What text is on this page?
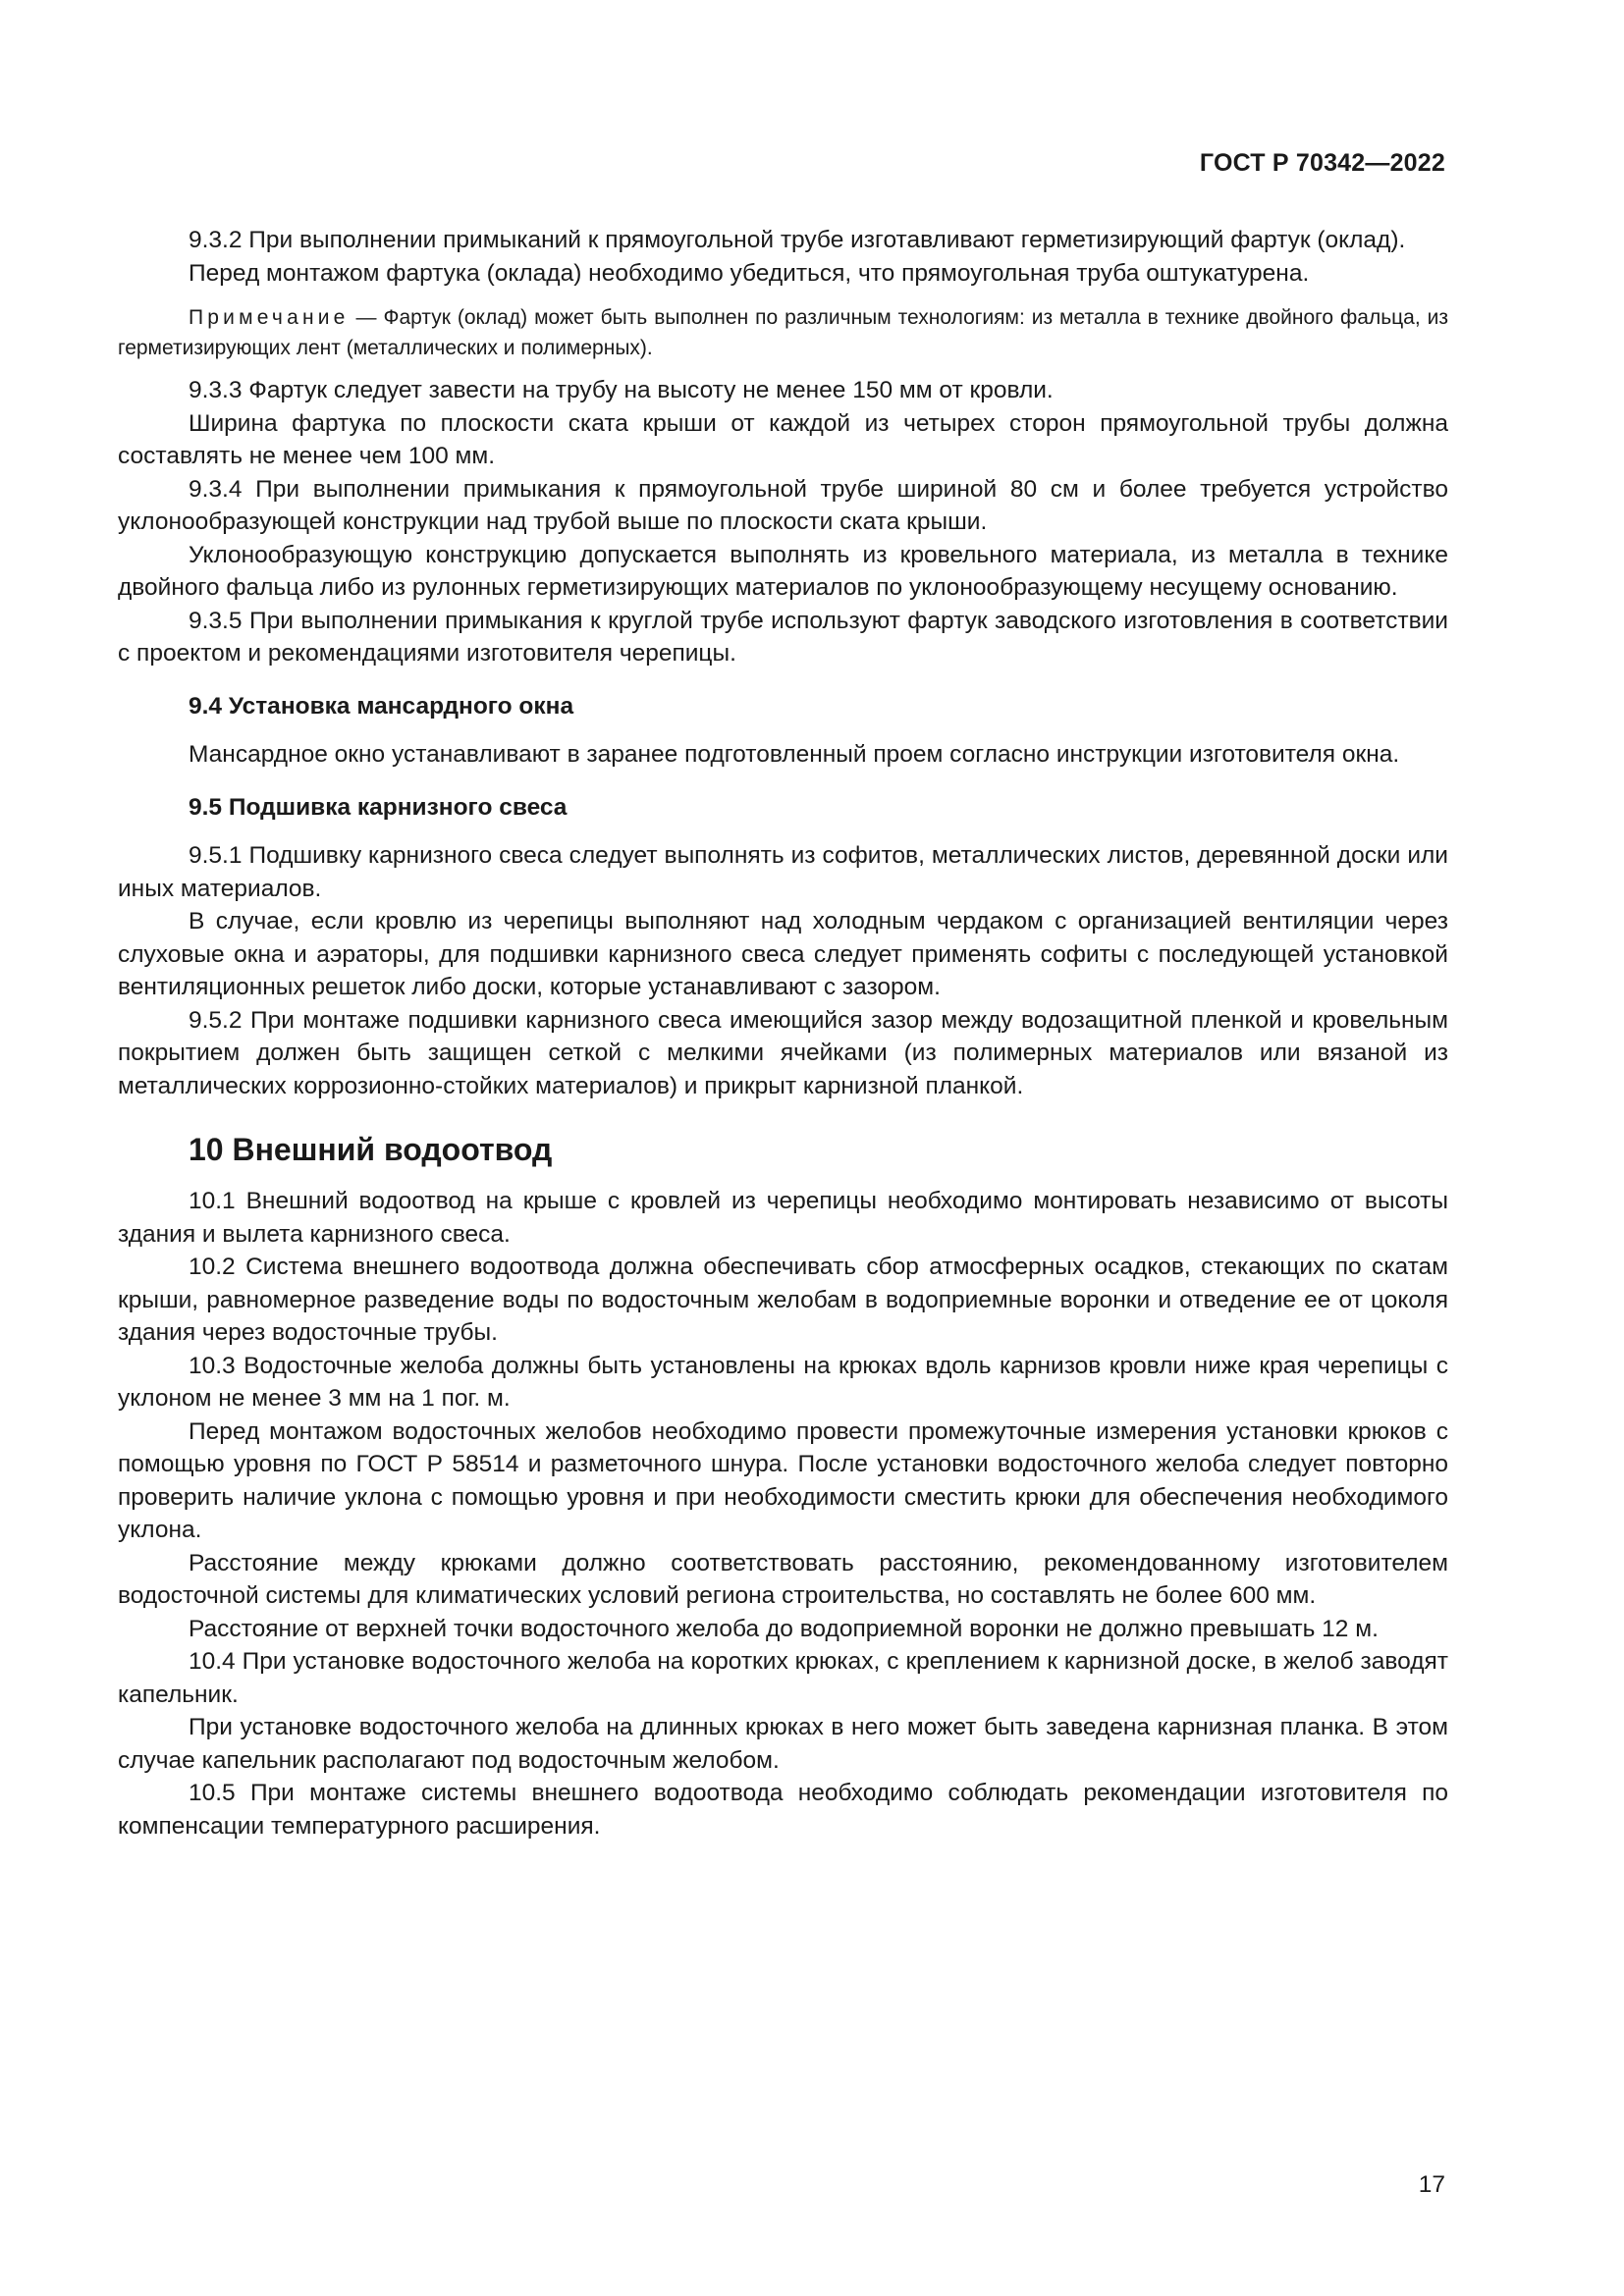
ГОСТ Р 70342—2022

9.3.2 При выполнении примыканий к прямоугольной трубе изготавливают герметизирующий фартук (оклад).

Перед монтажом фартука (оклада) необходимо убедиться, что прямоугольная труба оштукатурена.

Примечание — Фартук (оклад) может быть выполнен по различным технологиям: из металла в технике двойного фальца, из герметизирующих лент (металлических и полимерных).

9.3.3 Фартук следует завести на трубу на высоту не менее 150 мм от кровли.

Ширина фартука по плоскости ската крыши от каждой из четырех сторон прямоугольной трубы должна составлять не менее чем 100 мм.

9.3.4 При выполнении примыкания к прямоугольной трубе шириной 80 см и более требуется устройство уклонообразующей конструкции над трубой выше по плоскости ската крыши.

Уклонообразующую конструкцию допускается выполнять из кровельного материала, из металла в технике двойного фальца либо из рулонных герметизирующих материалов по уклонообразующему несущему основанию.

9.3.5 При выполнении примыкания к круглой трубе используют фартук заводского изготовления в соответствии с проектом и рекомендациями изготовителя черепицы.

9.4 Установка мансардного окна

Мансардное окно устанавливают в заранее подготовленный проем согласно инструкции изготовителя окна.

9.5 Подшивка карнизного свеса

9.5.1 Подшивку карнизного свеса следует выполнять из софитов, металлических листов, деревянной доски или иных материалов.

В случае, если кровлю из черепицы выполняют над холодным чердаком с организацией вентиляции через слуховые окна и аэраторы, для подшивки карнизного свеса следует применять софиты с последующей установкой вентиляционных решеток либо доски, которые устанавливают с зазором.

9.5.2 При монтаже подшивки карнизного свеса имеющийся зазор между водозащитной пленкой и кровельным покрытием должен быть защищен сеткой с мелкими ячейками (из полимерных материалов или вязаной из металлических коррозионно-стойких материалов) и прикрыт карнизной планкой.

10 Внешний водоотвод

10.1 Внешний водоотвод на крыше с кровлей из черепицы необходимо монтировать независимо от высоты здания и вылета карнизного свеса.

10.2 Система внешнего водоотвода должна обеспечивать сбор атмосферных осадков, стекающих по скатам крыши, равномерное разведение воды по водосточным желобам в водоприемные воронки и отведение ее от цоколя здания через водосточные трубы.

10.3 Водосточные желоба должны быть установлены на крюках вдоль карнизов кровли ниже края черепицы с уклоном не менее 3 мм на 1 пог. м.

Перед монтажом водосточных желобов необходимо провести промежуточные измерения установки крюков с помощью уровня по ГОСТ Р 58514 и разметочного шнура. После установки водосточного желоба следует повторно проверить наличие уклона с помощью уровня и при необходимости сместить крюки для обеспечения необходимого уклона.

Расстояние между крюками должно соответствовать расстоянию, рекомендованному изготовителем водосточной системы для климатических условий региона строительства, но составлять не более 600 мм.

Расстояние от верхней точки водосточного желоба до водоприемной воронки не должно превышать 12 м.

10.4 При установке водосточного желоба на коротких крюках, с креплением к карнизной доске, в желоб заводят капельник.

При установке водосточного желоба на длинных крюках в него может быть заведена карнизная планка. В этом случае капельник располагают под водосточным желобом.

10.5 При монтаже системы внешнего водоотвода необходимо соблюдать рекомендации изготовителя по компенсации температурного расширения.

17
